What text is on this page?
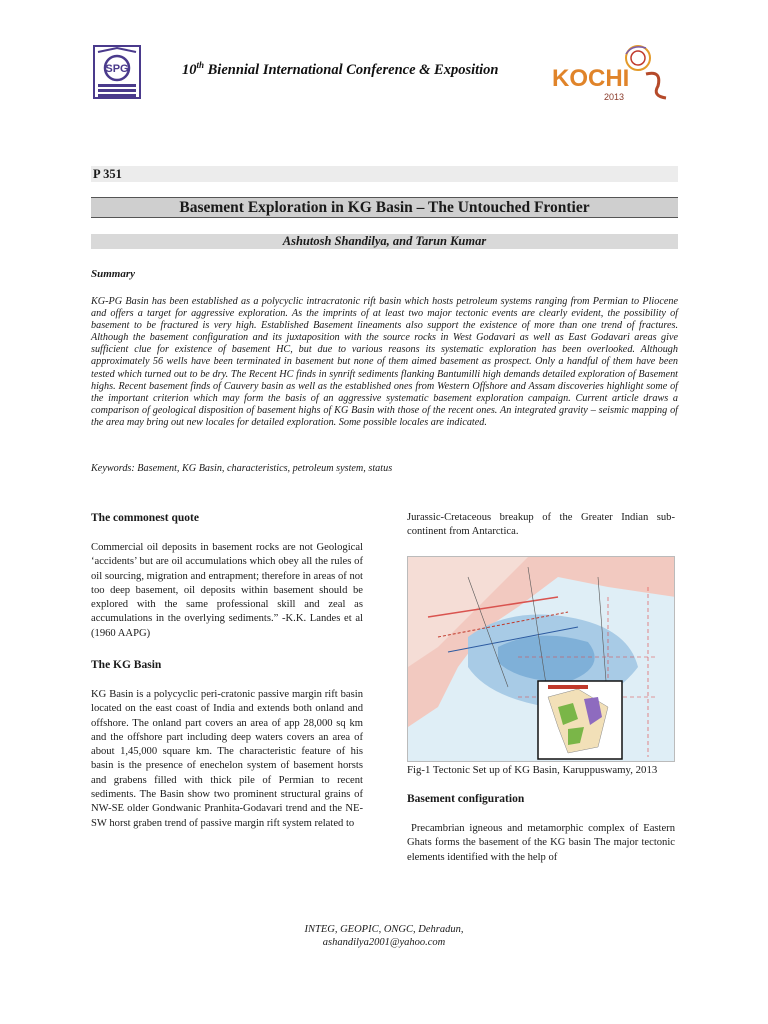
SPG	10th Biennial International Conference & Exposition KOCHI
2013
P 351
Basement Exploration in KG Basin – The Untouched Frontier
Ashutosh Shandilya, and Tarun Kumar
Summary

KG-PG Basin has been established as a polycyclic intracratonic rift basin which hosts petroleum systems ranging from Permian to Pliocene and offers a target for aggressive exploration. As the imprints of at least two major tectonic events are clearly evident, the possibility of basement to be fractured is very high. Established Basement lineaments also support the existence of more than one trend of fractures. Although the basement configuration and its juxtaposition with the source rocks in West Godavari as well as East Godavari areas give sufficient clue for existence of basement HC, but due to various reasons its systematic exploration has been overlooked. Although approximately 56 wells have been terminated in basement but none of them aimed basement as prospect. Only a handful of them have been tested which turned out to be dry. The Recent HC finds in synrift sediments flanking Bantumilli high demands detailed exploration of Basement highs. Recent basement finds of Cauvery basin as well as the established ones from Western Offshore and Assam discoveries highlight some of the important criterion which may form the basis of an aggressive systematic basement exploration campaign. Current article draws a comparison of geological disposition of basement highs of KG Basin with those of the recent ones. An integrated gravity – seismic mapping of the area may bring out new locales for detailed exploration. Some possible locales are indicated.

Keywords: Basement, KG Basin, characteristics, petroleum system, status
The commonest quote

Commercial oil deposits in basement rocks are not Geological ‘accidents’ but are oil accumulations which obey all the rules of oil sourcing, migration and entrapment; therefore in areas of not too deep basement, oil deposits within basement should be explored with the same professional skill and zeal as accumulations in the overlying sediments.” -K.K. Landes et al (1960 AAPG)

The KG Basin

KG Basin is a polycyclic peri-cratonic passive margin rift basin located on the east coast of India and extends both onland and offshore. The onland part covers an area of app 28,000 sq km and the offshore part including deep waters covers an area of about 1,45,000 square km. The characteristic feature of his basin is the presence of enechelon system of basement horsts and grabens filled with thick pile of Permian to recent sediments. The Basin show two prominent structural grains of NW-SE older Gondwanic Pranhita-Godavari trend and the NE-SW horst graben trend of passive margin rift system related to

Jurassic-Cretaceous breakup of the Greater Indian sub-continent from Antarctica.

Fig-1 Tectonic Set up of KG Basin, Karuppuswamy, 2013
Basement configuration

Precambrian igneous and metamorphic complex of Eastern Ghats forms the basement of the KG basin The major tectonic elements identified with the help of

INTEG, GEOPIC, ONGC, Dehradun,
ashandilya2001@yahoo.com
